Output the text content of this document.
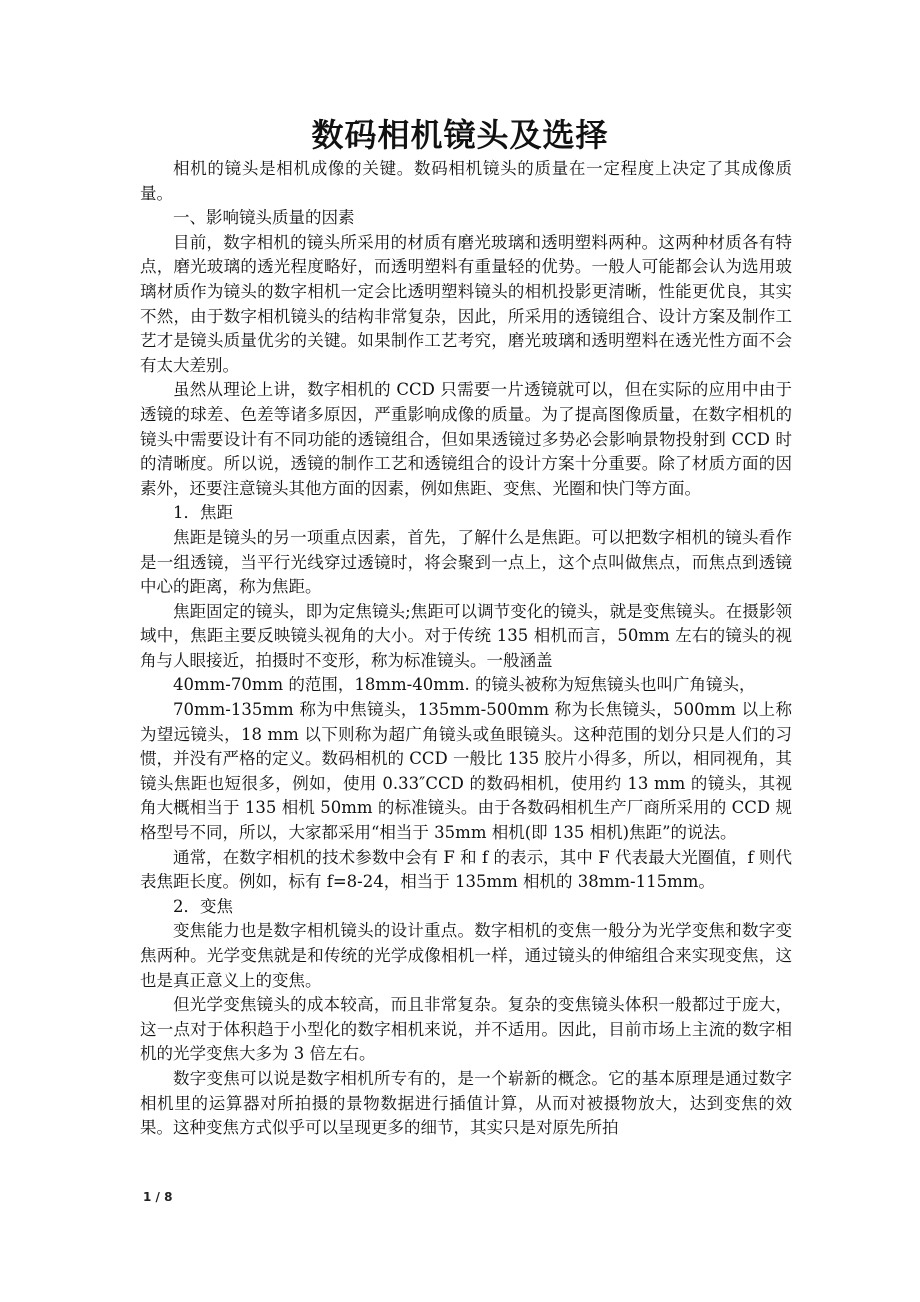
数码相机镜头及选择

相机的镜头是相机成像的关键。数码相机镜头的质量在一定程度上决定了其成像质量。

一、影响镜头质量的因素

目前，数字相机的镜头所采用的材质有磨光玻璃和透明塑料两种。这两种材质各有特点，磨光玻璃的透光程度略好，而透明塑料有重量轻的优势。一般人可能都会认为选用玻璃材质作为镜头的数字相机一定会比透明塑料镜头的相机投影更清晰，性能更优良，其实不然，由于数字相机镜头的结构非常复杂，因此，所采用的透镜组合、设计方案及制作工艺才是镜头质量优劣的关键。如果制作工艺考究，磨光玻璃和透明塑料在透光性方面不会有太大差别。

虽然从理论上讲，数字相机的 CCD 只需要一片透镜就可以，但在实际的应用中由于透镜的球差、色差等诸多原因，严重影响成像的质量。为了提高图像质量，在数字相机的镜头中需要设计有不同功能的透镜组合，但如果透镜过多势必会影响景物投射到 CCD 时的清晰度。所以说，透镜的制作工艺和透镜组合的设计方案十分重要。除了材质方面的因素外，还要注意镜头其他方面的因素，例如焦距、变焦、光圈和快门等方面。

1．焦距

焦距是镜头的另一项重点因素，首先，了解什么是焦距。可以把数字相机的镜头看作是一组透镜，当平行光线穿过透镜时，将会聚到一点上，这个点叫做焦点，而焦点到透镜中心的距离，称为焦距。

焦距固定的镜头，即为定焦镜头;焦距可以调节变化的镜头，就是变焦镜头。在摄影领域中，焦距主要反映镜头视角的大小。对于传统 135 相机而言，50mm 左右的镜头的视角与人眼接近，拍摄时不变形，称为标准镜头。一般涵盖

40mm-70mm 的范围，18mm-40mm. 的镜头被称为短焦镜头也叫广角镜头，

70mm-135mm 称为中焦镜头，135mm-500mm 称为长焦镜头，500mm 以上称为望远镜头，18 mm 以下则称为超广角镜头或鱼眼镜头。这种范围的划分只是人们的习惯，并没有严格的定义。数码相机的 CCD 一般比 135 胶片小得多，所以，相同视角，其镜头焦距也短很多，例如，使用 0.33″CCD 的数码相机，使用约 13 mm 的镜头，其视角大概相当于 135 相机 50mm 的标准镜头。由于各数码相机生产厂商所采用的 CCD 规格型号不同，所以，大家都采用“相当于 35mm 相机(即 135 相机)焦距”的说法。

通常，在数字相机的技术参数中会有 F 和 f 的表示，其中 F 代表最大光圈值，f 则代表焦距长度。例如，标有 f=8-24，相当于 135mm 相机的 38mm-115mm。

2．变焦

变焦能力也是数字相机镜头的设计重点。数字相机的变焦一般分为光学变焦和数字变焦两种。光学变焦就是和传统的光学成像相机一样，通过镜头的伸缩组合来实现变焦，这也是真正意义上的变焦。

但光学变焦镜头的成本较高，而且非常复杂。复杂的变焦镜头体积一般都过于庞大，这一点对于体积趋于小型化的数字相机来说，并不适用。因此，目前市场上主流的数字相机的光学变焦大多为 3 倍左右。

数字变焦可以说是数字相机所专有的，是一个崭新的概念。它的基本原理是通过数字相机里的运算器对所拍摄的景物数据进行插值计算，从而对被摄物放大，达到变焦的效果。这种变焦方式似乎可以呈现更多的细节，其实只是对原先所拍

1 / 8
